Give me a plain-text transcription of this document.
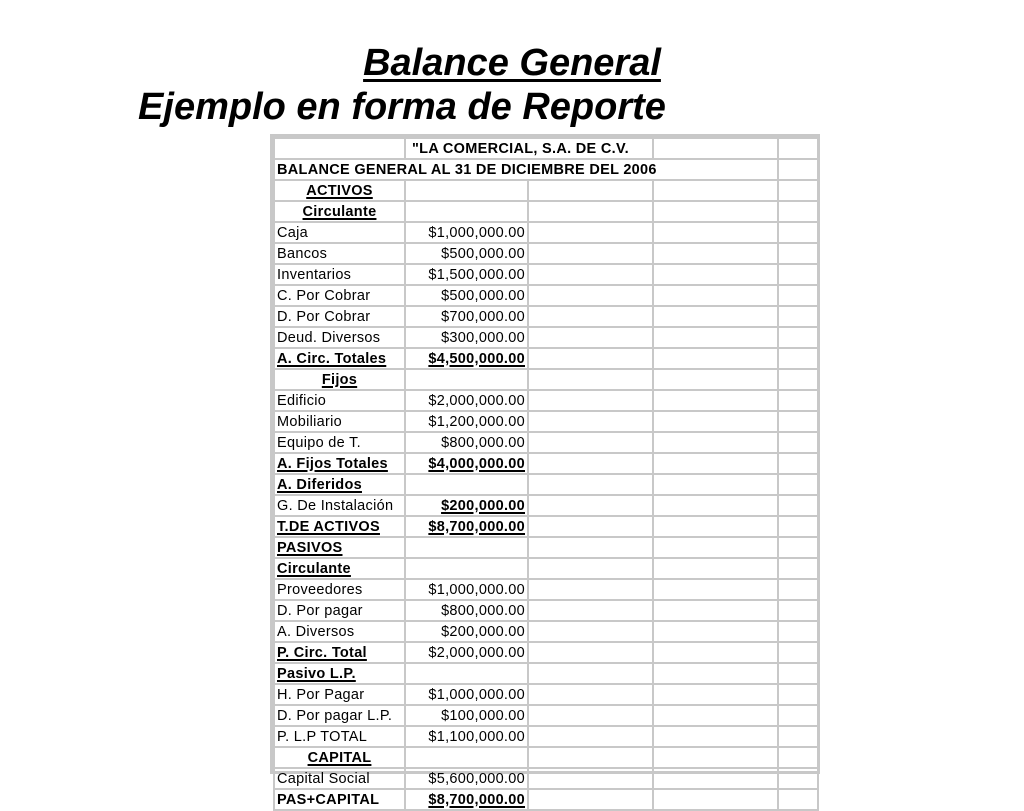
Balance General
Ejemplo en forma de Reporte
	"LA COMERCIAL, S.A. DE C.V.			
BALANCE GENERAL AL 31 DE DICIEMBRE DEL 2006				
ACTIVOS				
Circulante				
Caja	$1,000,000.00			
Bancos	$500,000.00			
Inventarios	$1,500,000.00			
C. Por Cobrar	$500,000.00			
D. Por Cobrar	$700,000.00			
Deud. Diversos	$300,000.00			
A. Circ. Totales	$4,500,000.00			
Fijos				
Edificio	$2,000,000.00			
Mobiliario	$1,200,000.00			
Equipo de T.	$800,000.00			
A. Fijos Totales	$4,000,000.00			
A. Diferidos				
G. De Instalación	$200,000.00			
T.DE ACTIVOS	$8,700,000.00			
PASIVOS				
Circulante				
Proveedores	$1,000,000.00			
D. Por pagar	$800,000.00			
A. Diversos	$200,000.00			
P. Circ. Total	$2,000,000.00			
Pasivo L.P.				
H. Por Pagar	$1,000,000.00			
D. Por pagar L.P.	$100,000.00			
P. L.P TOTAL	$1,100,000.00			
CAPITAL				
Capital Social	$5,600,000.00			
PAS+CAPITAL	$8,700,000.00			
